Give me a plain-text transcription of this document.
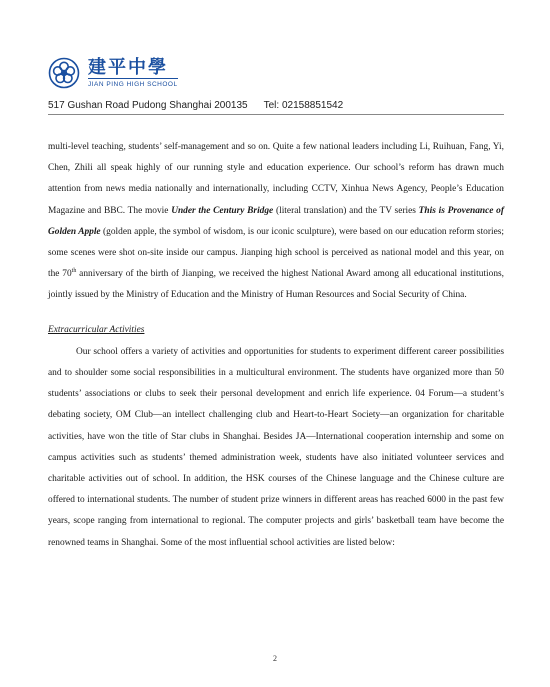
建平中學
JIAN PING HIGH SCHOOL
517 Gushan Road Pudong Shanghai 200135 Tel: 02158851542

multi-level teaching, students’ self-management and so on. Quite a few national leaders including Li, Ruihuan, Fang, Yi, Chen, Zhili all speak highly of our running style and education experience. Our school’s reform has drawn much attention from news media nationally and internationally, including CCTV, Xinhua News Agency, People’s Education Magazine and BBC. The movie Under the Century Bridge (literal translation) and the TV series This is Provenance of Golden Apple (golden apple, the symbol of wisdom, is our iconic sculpture), were based on our education reform stories; some scenes were shot on-site inside our campus. Jianping high school is perceived as national model and this year, on the 70th anniversary of the birth of Jianping, we received the highest National Award among all educational institutions, jointly issued by the Ministry of Education and the Ministry of Human Resources and Social Security of China.

Extracurricular Activities

Our school offers a variety of activities and opportunities for students to experiment different career possibilities and to shoulder some social responsibilities in a multicultural environment. The students have organized more than 50 students’ associations or clubs to seek their personal development and enrich life experience. 04 Forum—a student’s debating society, OM Club—an intellect challenging club and Heart-to-Heart Society—an organization for charitable activities, have won the title of Star clubs in Shanghai. Besides JA—International cooperation internship and some on campus activities such as students’ themed administration week, students have also initiated volunteer services and charitable activities out of school. In addition, the HSK courses of the Chinese language and the Chinese culture are offered to international students. The number of student prize winners in different areas has reached 6000 in the past few years, scope ranging from international to regional. The computer projects and girls’ basketball team have become the renowned teams in Shanghai. Some of the most influential school activities are listed below:

2
